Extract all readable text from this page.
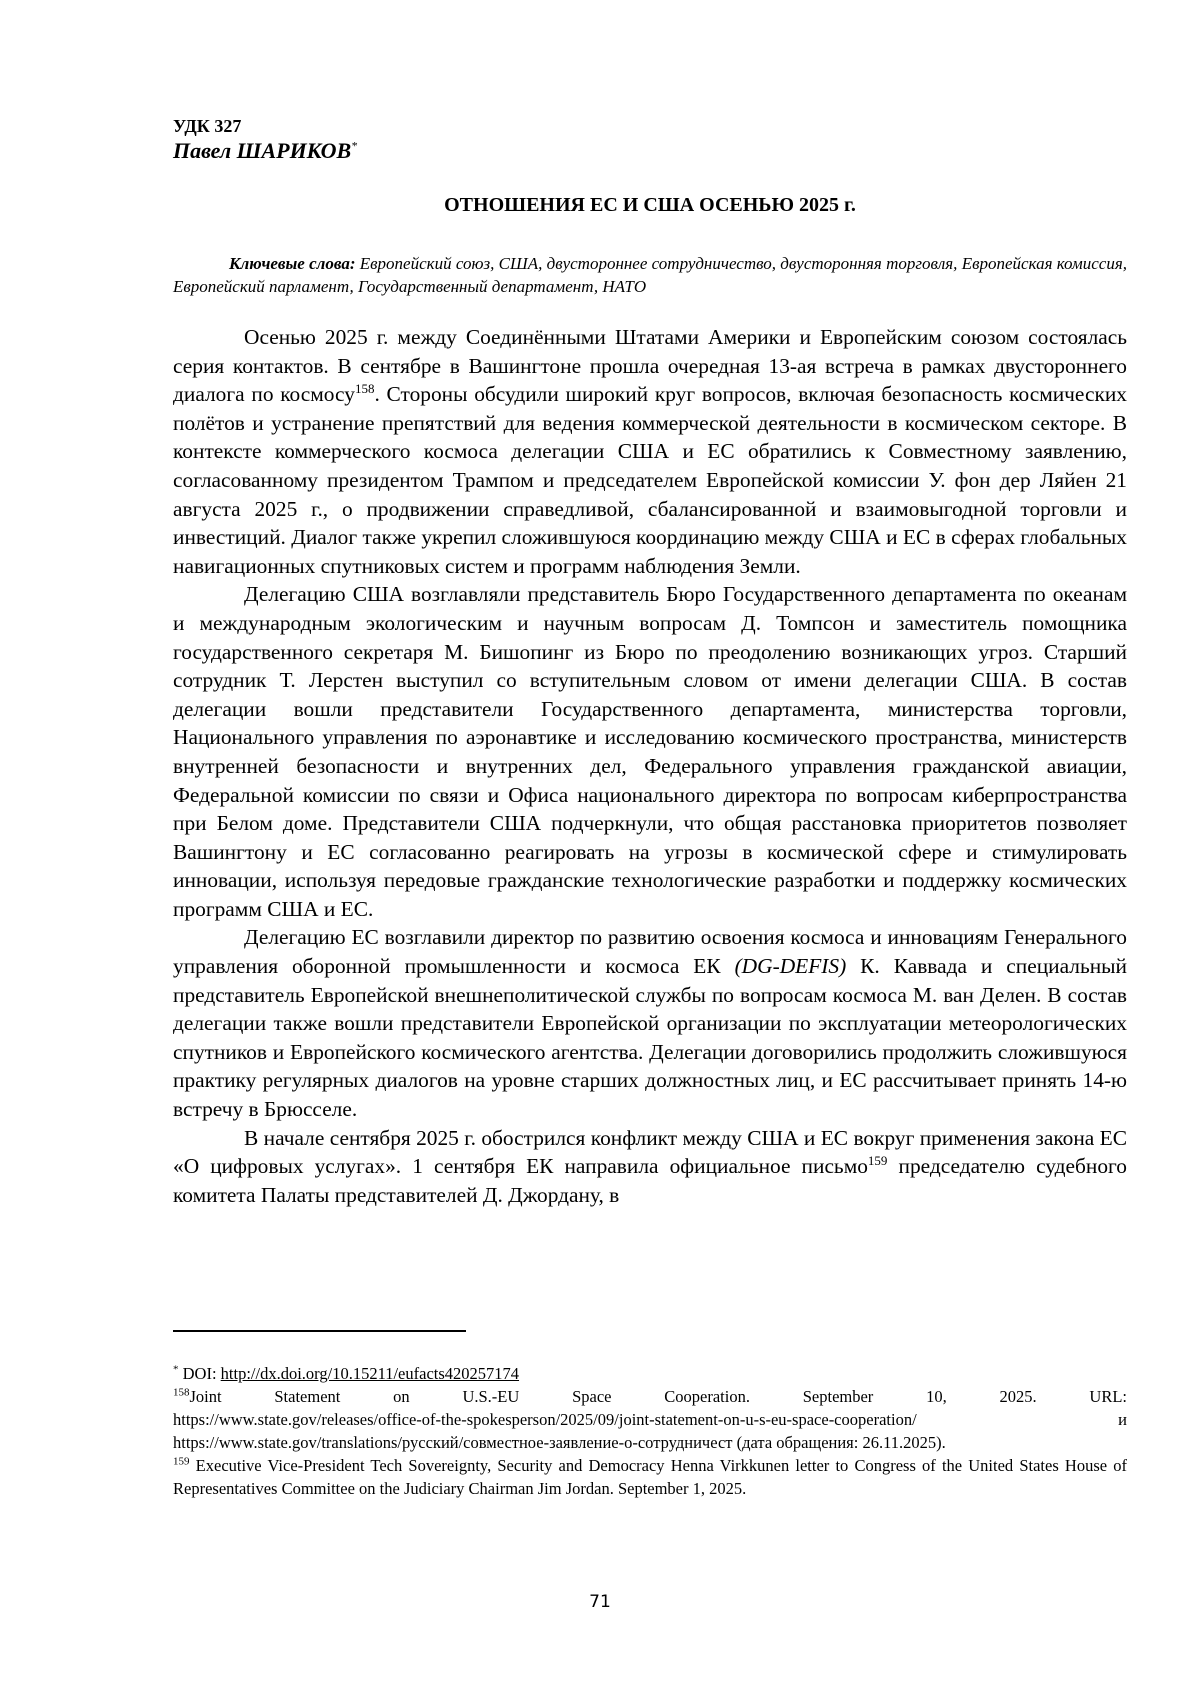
УДК 327

Павел ШАРИКОВ*

ОТНОШЕНИЯ ЕС И США ОСЕНЬЮ 2025 г.

Ключевые слова: Европейский союз, США, двустороннее сотрудничество, двусторонняя торговля, Европейская комиссия, Европейский парламент, Государственный департамент, НАТО

Осенью 2025 г. между Соединёнными Штатами Америки и Европейским союзом состоялась серия контактов. В сентябре в Вашингтоне прошла очередная 13-ая встреча в рамках двустороннего диалога по космосу$^{158}$. Стороны обсудили широкий круг вопросов, включая безопасность космических полётов и устранение препятствий для ведения коммерческой деятельности в космическом секторе. В контексте коммерческого космоса делегации США и ЕС обратились к Совместному заявлению, согласованному президентом Трампом и председателем Европейской комиссии У. фон дер Ляйен 21 августа 2025 г., о продвижении справедливой, сбалансированной и взаимовыгодной торговли и инвестиций. Диалог также укрепил сложившуюся координацию между США и ЕС в сферах глобальных навигационных спутниковых систем и программ наблюдения Земли.

Делегацию США возглавляли представитель Бюро Государственного департамента по океанам и международным экологическим и научным вопросам Д. Томпсон и заместитель помощника государственного секретаря М. Бишопинг из Бюро по преодолению возникающих угроз. Старший сотрудник Т. Лерстен выступил со вступительным словом от имени делегации США. В состав делегации вошли представители Государственного департамента, министерства торговли, Национального управления по аэронавтике и исследованию космического пространства, министерств внутренней безопасности и внутренних дел, Федерального управления гражданской авиации, Федеральной комиссии по связи и Офиса национального директора по вопросам киберпространства при Белом доме. Представители США подчеркнули, что общая расстановка приоритетов позволяет Вашингтону и ЕС согласованно реагировать на угрозы в космической сфере и стимулировать инновации, используя передовые гражданские технологические разработки и поддержку космических программ США и ЕС.

Делегацию ЕС возглавили директор по развитию освоения космоса и инновациям Генерального управления оборонной промышленности и космоса ЕК (DG-DEFIS) К. Каввада и специальный представитель Европейской внешнеполитической службы по вопросам космоса М. ван Делен. В состав делегации также вошли представители Европейской организации по эксплуатации метеорологических спутников и Европейского космического агентства. Делегации договорились продолжить сложившуюся практику регулярных диалогов на уровне старших должностных лиц, и ЕС рассчитывает принять 14-ю встречу в Брюсселе.

В начале сентября 2025 г. обострился конфликт между США и ЕС вокруг применения закона ЕС «О цифровых услугах». 1 сентября ЕК направила официальное письмо$^{159}$ председателю судебного комитета Палаты представителей Д. Джордану, в

* DOI: http://dx.doi.org/10.15211/eufacts420257174

$^{158}$Joint Statement on U.S.-EU Space Cooperation. September 10, 2025. URL: https://www.state.gov/releases/office-of-the-spokesperson/2025/09/joint-statement-on-u-s-eu-space-cooperation/ и https://www.state.gov/translations/русский/совместное-заявление-о-сотрудничест (дата обращения: 26.11.2025).

$^{159}$ Executive Vice-President Tech Sovereignty, Security and Democracy Henna Virkkunen letter to Congress of the United States House of Representatives Committee on the Judiciary Chairman Jim Jordan. September 1, 2025.

71
